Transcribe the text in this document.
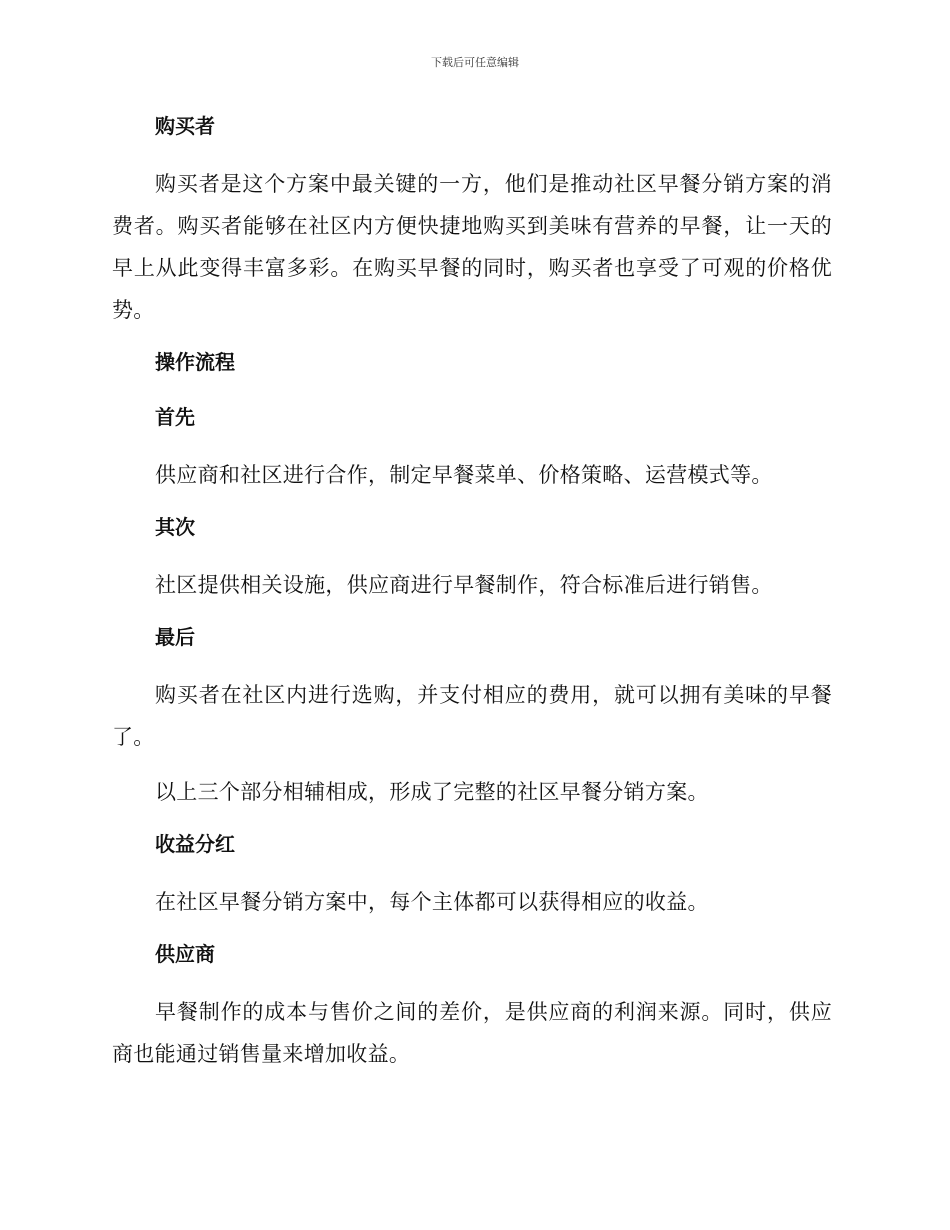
下载后可任意编辑
购买者

购买者是这个方案中最关键的一方，他们是推动社区早餐分销方案的消费者。购买者能够在社区内方便快捷地购买到美味有营养的早餐，让一天的早上从此变得丰富多彩。在购买早餐的同时，购买者也享受了可观的价格优势。

操作流程
首先

供应商和社区进行合作，制定早餐菜单、价格策略、运营模式等。

其次

社区提供相关设施，供应商进行早餐制作，符合标准后进行销售。

最后

购买者在社区内进行选购，并支付相应的费用，就可以拥有美味的早餐了。

以上三个部分相辅相成，形成了完整的社区早餐分销方案。

收益分红

在社区早餐分销方案中，每个主体都可以获得相应的收益。

供应商

早餐制作的成本与售价之间的差价，是供应商的利润来源。同时，供应商也能通过销售量来增加收益。
